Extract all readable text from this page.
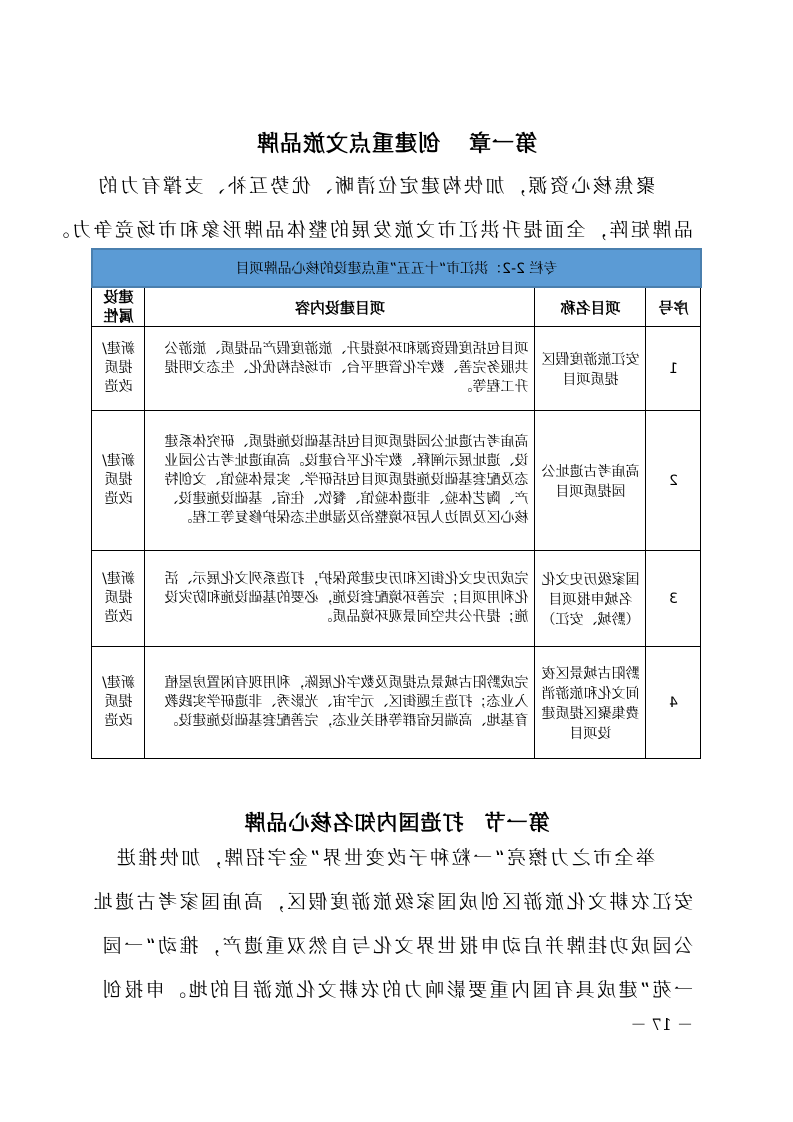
第一章创建重点文旅品牌

聚焦核心资源，加快构建定位清晰、优势互补、支撑有力的

品牌矩阵，全面提升洪江市文旅发展的整体品牌形象和市场竞争力。

专栏 2-2：洪江市“十五五”重点建设的核心品牌项目			
序号	项目名称	项目建设内容	建设属性
1	安江旅游度假区提质项目	项目包括度假资源和环境提升、旅游度假产品提质、旅游公共服务完善、数字化管理平台、市场结构优化、生态文明提升工程等。	新建/提质改造
2	高庙考古遗址公园提质项目	高庙考古遗址公园提质项目包括基础设施提质、研究体系建设、遗址展示阐释、数字化平台建设。高庙遗址考古公园业态及配套基础设施提质项目包括研学、实景体验馆、文创特产、陶艺体验、非遗体验馆、餐饮、住宿、基础设施建设、核心区及周边人居环境整治及湿地生态保护修复等工程。	新建/提质改造
3	国家级历史文化名城申报项目（黔城、安江）	完成历史文化街区和历史建筑保护，打造系列文化展示、活化利用项目；完善环境配套设施，必要的基础设施和防灾设施；提升公共空间景观环境品质。	新建/提质改造
4	黔阳古城景区夜间文化和旅游消费集聚区提质建设项目	完成黔阳古城景点提质及数字化展陈，利用现有闲置房屋植入业态；打造主题街区、元宇宙、光影秀、非遗研学实践教育基地、高端民宿群等相关业态，完善配套基础设施建设。	新建/提质改造
第一节打造国内知名核心品牌

举全市之力擦亮“一粒种子改变世界”金字招牌，加快推进

安江农耕文化旅游区创成国家级旅游度假区，高庙国家考古遗址

公园成功挂牌并启动申报世界文化与自然双重遗产，推动“一园

一苑”建成具有国内重要影响力的农耕文化旅游目的地。申报创

－ 17 －
